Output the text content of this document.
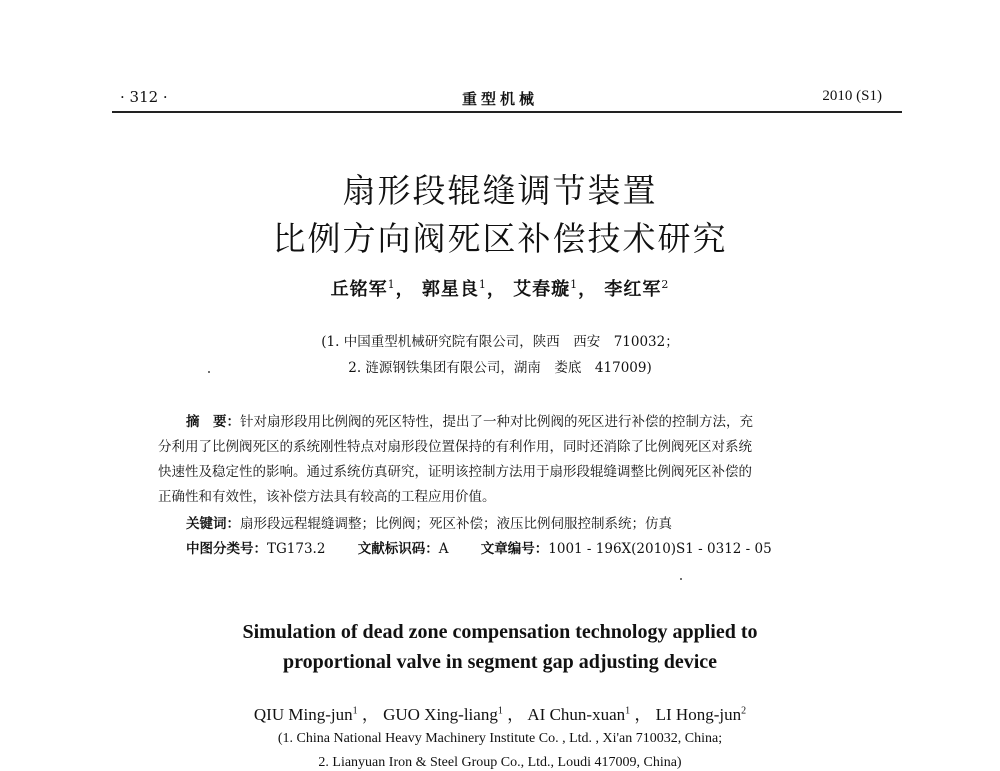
· 312 ·	重型机械	2010 (S1)
扇形段辊缝调节装置
比例方向阀死区补偿技术研究
丘铭军$^1$， 郭星良$^1$， 艾春璇$^1$， 李红军$^2$
(1. 中国重型机械研究院有限公司，陕西　西安　710032；
2. 涟源钢铁集团有限公司，湖南　娄底　417009)
摘　要：针对扇形段用比例阀的死区特性，提出了一种对比例阀的死区进行补偿的控制方法，充
分利用了比例阀死区的系统刚性特点对扇形段位置保持的有利作用，同时还消除了比例阀死区对系统
快速性及稳定性的影响。通过系统仿真研究，证明该控制方法用于扇形段辊缝调整比例阀死区补偿的
正确性和有效性，该补偿方法具有较高的工程应用价值。
关键词：扇形段远程辊缝调整；比例阀；死区补偿；液压比例伺服控制系统；仿真
中图分类号：TG173.2 文献标识码：A 文章编号：1001 - 196X(2010)S1 - 0312 - 05
Simulation of dead zone compensation technology applied to
proportional valve in segment gap adjusting device
QIU Ming-jun$^1$ ， GUO Xing-liang$^1$ ， AI Chun-xuan$^1$ ， LI Hong-jun$^2$
(1. China National Heavy Machinery Institute Co. , Ltd. , Xi'an 710032, China;
2. Lianyuan Iron & Steel Group Co., Ltd., Loudi 417009, China)
